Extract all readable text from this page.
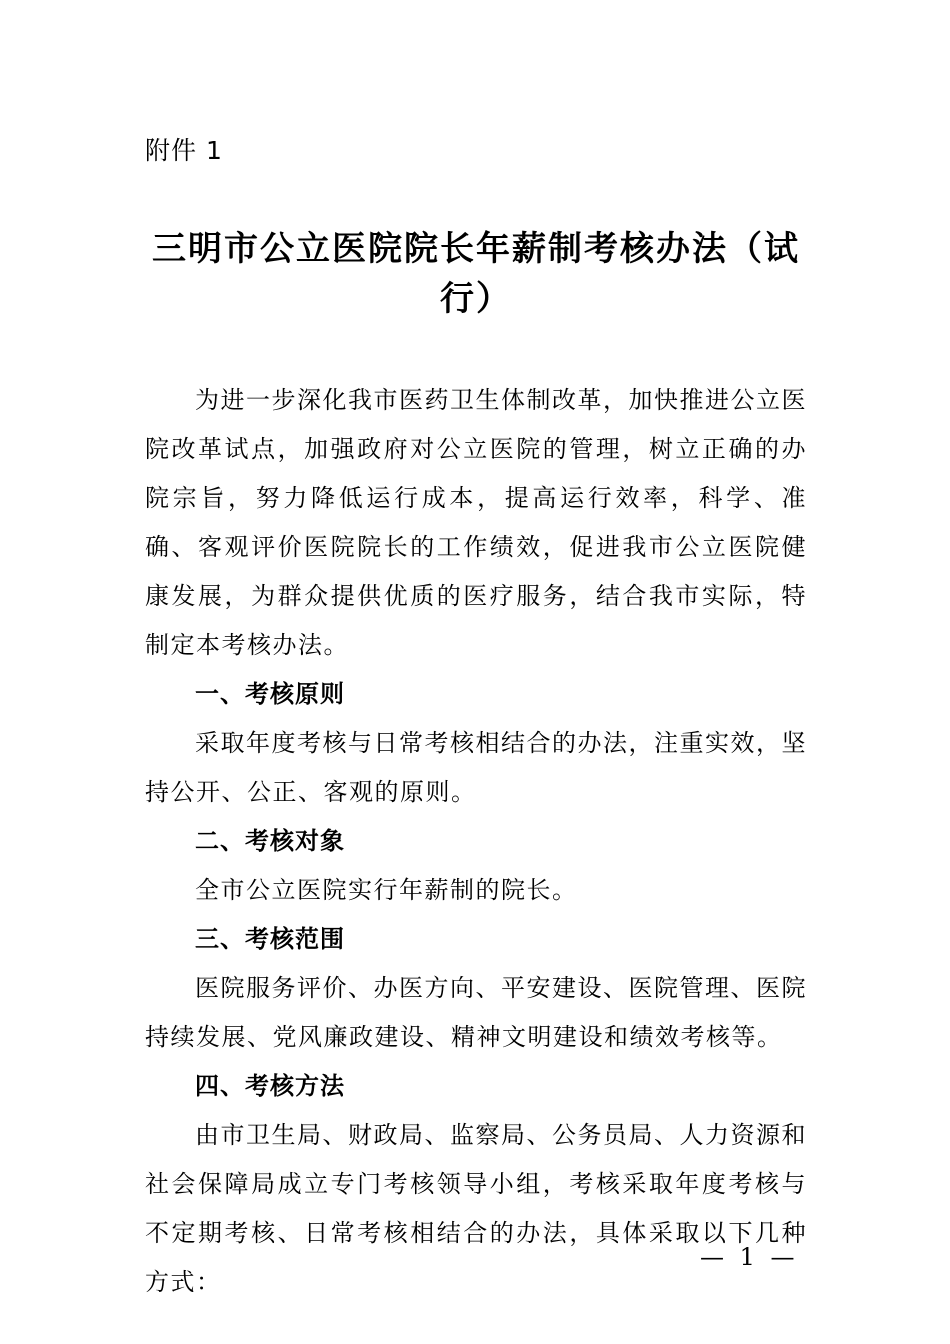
附件 1
三明市公立医院院长年薪制考核办法（试行）

为进一步深化我市医药卫生体制改革，加快推进公立医院改革试点，加强政府对公立医院的管理，树立正确的办院宗旨，努力降低运行成本，提高运行效率，科学、准确、客观评价医院院长的工作绩效，促进我市公立医院健康发展，为群众提供优质的医疗服务，结合我市实际，特制定本考核办法。

一、考核原则

采取年度考核与日常考核相结合的办法，注重实效，坚持公开、公正、客观的原则。

二、考核对象

全市公立医院实行年薪制的院长。

三、考核范围

医院服务评价、办医方向、平安建设、医院管理、医院持续发展、党风廉政建设、精神文明建设和绩效考核等。

四、考核方法

由市卫生局、财政局、监察局、公务员局、人力资源和社会保障局成立专门考核领导小组，考核采取年度考核与不定期考核、日常考核相结合的办法，具体采取以下几种方式：

— 1 —
